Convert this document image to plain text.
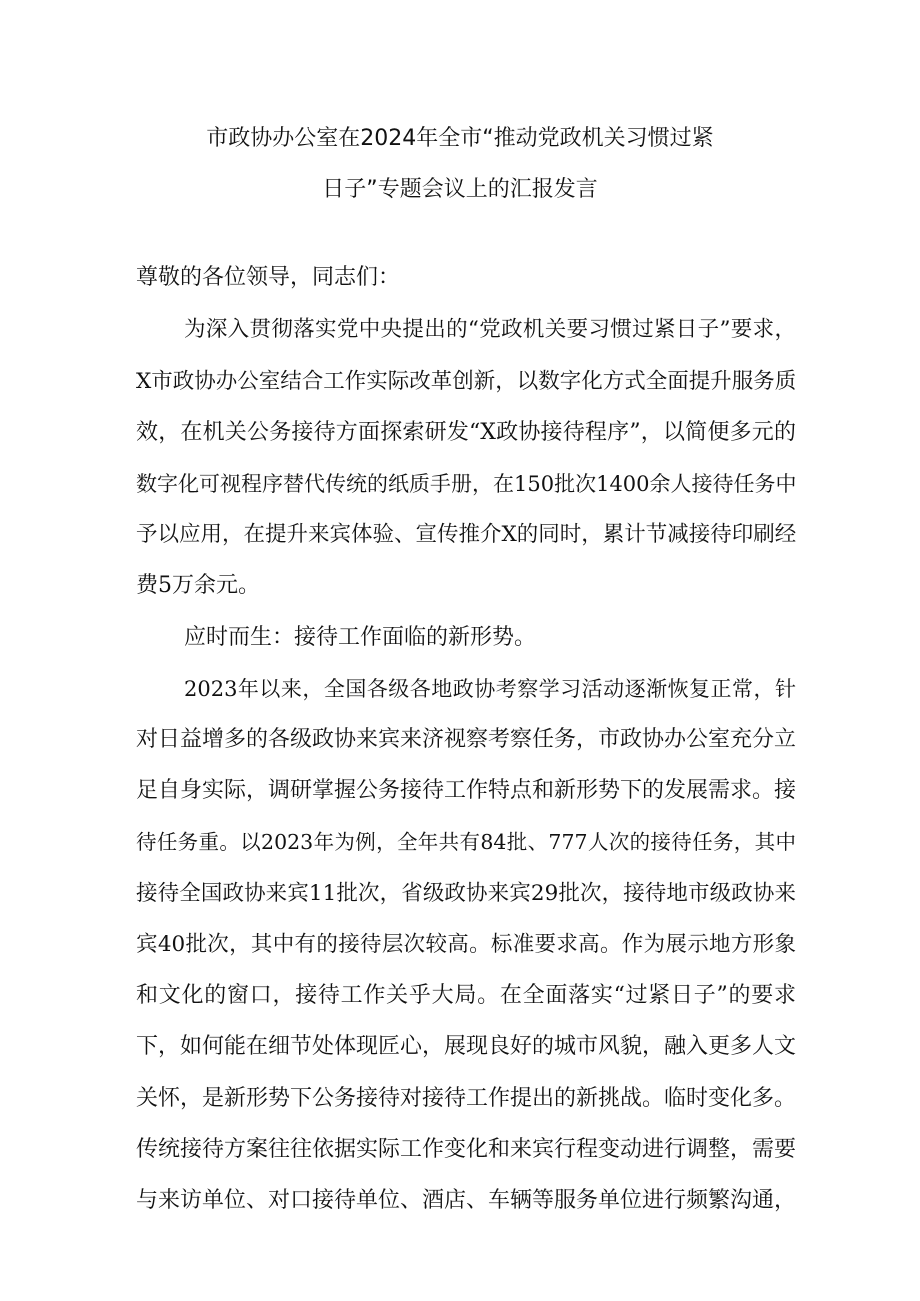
市政协办公室在2024年全市“推动党政机关习惯过紧
日子”专题会议上的汇报发言
尊敬的各位领导，同志们：
为深入贯彻落实党中央提出的“党政机关要习惯过紧日子”要求，
X市政协办公室结合工作实际改革创新，以数字化方式全面提升服务质
效，在机关公务接待方面探索研发“X政协接待程序”，以简便多元的
数字化可视程序替代传统的纸质手册，在150批次1400余人接待任务中
予以应用，在提升来宾体验、宣传推介X的同时，累计节减接待印刷经
费5万余元。
应时而生：接待工作面临的新形势。
2023年以来，全国各级各地政协考察学习活动逐渐恢复正常，针
对日益增多的各级政协来宾来济视察考察任务，市政协办公室充分立
足自身实际，调研掌握公务接待工作特点和新形势下的发展需求。接
待任务重。以2023年为例，全年共有84批、777人次的接待任务，其中
接待全国政协来宾11批次，省级政协来宾29批次，接待地市级政协来
宾40批次，其中有的接待层次较高。标准要求高。作为展示地方形象
和文化的窗口，接待工作关乎大局。在全面落实“过紧日子”的要求
下，如何能在细节处体现匠心，展现良好的城市风貌，融入更多人文
关怀，是新形势下公务接待对接待工作提出的新挑战。临时变化多。
传统接待方案往往依据实际工作变化和来宾行程变动进行调整，需要
与来访单位、对口接待单位、酒店、车辆等服务单位进行频繁沟通，
